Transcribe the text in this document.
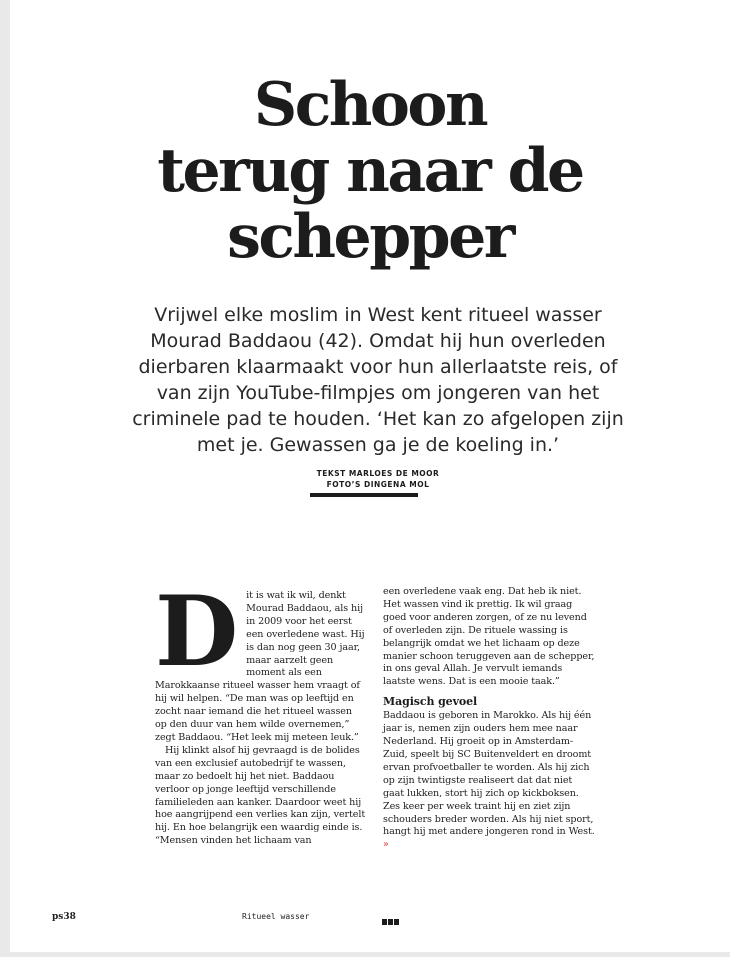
Schoon
terug naar de
schepper

Vrijwel elke moslim in West kent ritueel wasser Mourad Baddaou (42). Omdat hij hun overleden dierbaren klaarmaakt voor hun allerlaatste reis, of van zijn YouTube-filmpjes om jongeren van het criminele pad te houden. ‘Het kan zo afgelopen zijn met je. Gewassen ga je de koeling in.’

TEKST MARLOES DE MOOR
FOTO’S DINGENA MOL

Dit is wat ik wil, denkt Mourad Baddaou, als hij in 2009 voor het eerst een overledene wast. Hij is dan nog geen 30 jaar, maar aarzelt geen moment als een Marokkaanse ritueel wasser hem vraagt of hij wil helpen. “De man was op leeftijd en zocht naar iemand die het ritueel wassen op den duur van hem wilde overnemen,” zegt Baddaou. “Het leek mij meteen leuk.”

Hij klinkt alsof hij gevraagd is de bolides van een exclusief autobedrijf te wassen, maar zo bedoelt hij het niet. Baddaou verloor op jonge leeftijd verschillende familieleden aan kanker. Daardoor weet hij hoe aangrijpend een verlies kan zijn, vertelt hij. En hoe belangrijk een waardig einde is. “Mensen vinden het lichaam van

een overledene vaak eng. Dat heb ik niet. Het wassen vind ik prettig. Ik wil graag goed voor anderen zorgen, of ze nu levend of overleden zijn. De rituele wassing is belangrijk omdat we het lichaam op deze manier schoon teruggeven aan de schepper, in ons geval Allah. Je vervult iemands laatste wens. Dat is een mooie taak.”

Magisch gevoel

Baddaou is geboren in Marokko. Als hij één jaar is, nemen zijn ouders hem mee naar Nederland. Hij groeit op in Amsterdam-Zuid, speelt bij SC Buitenveldert en droomt ervan profvoetballer te worden. Als hij zich op zijn twintigste realiseert dat dat niet gaat lukken, stort hij zich op kickboksen. Zes keer per week traint hij en ziet zijn schouders breder worden. Als hij niet sport, hangt hij met andere jongeren rond in West. »

ps38	Ritueel wasser
